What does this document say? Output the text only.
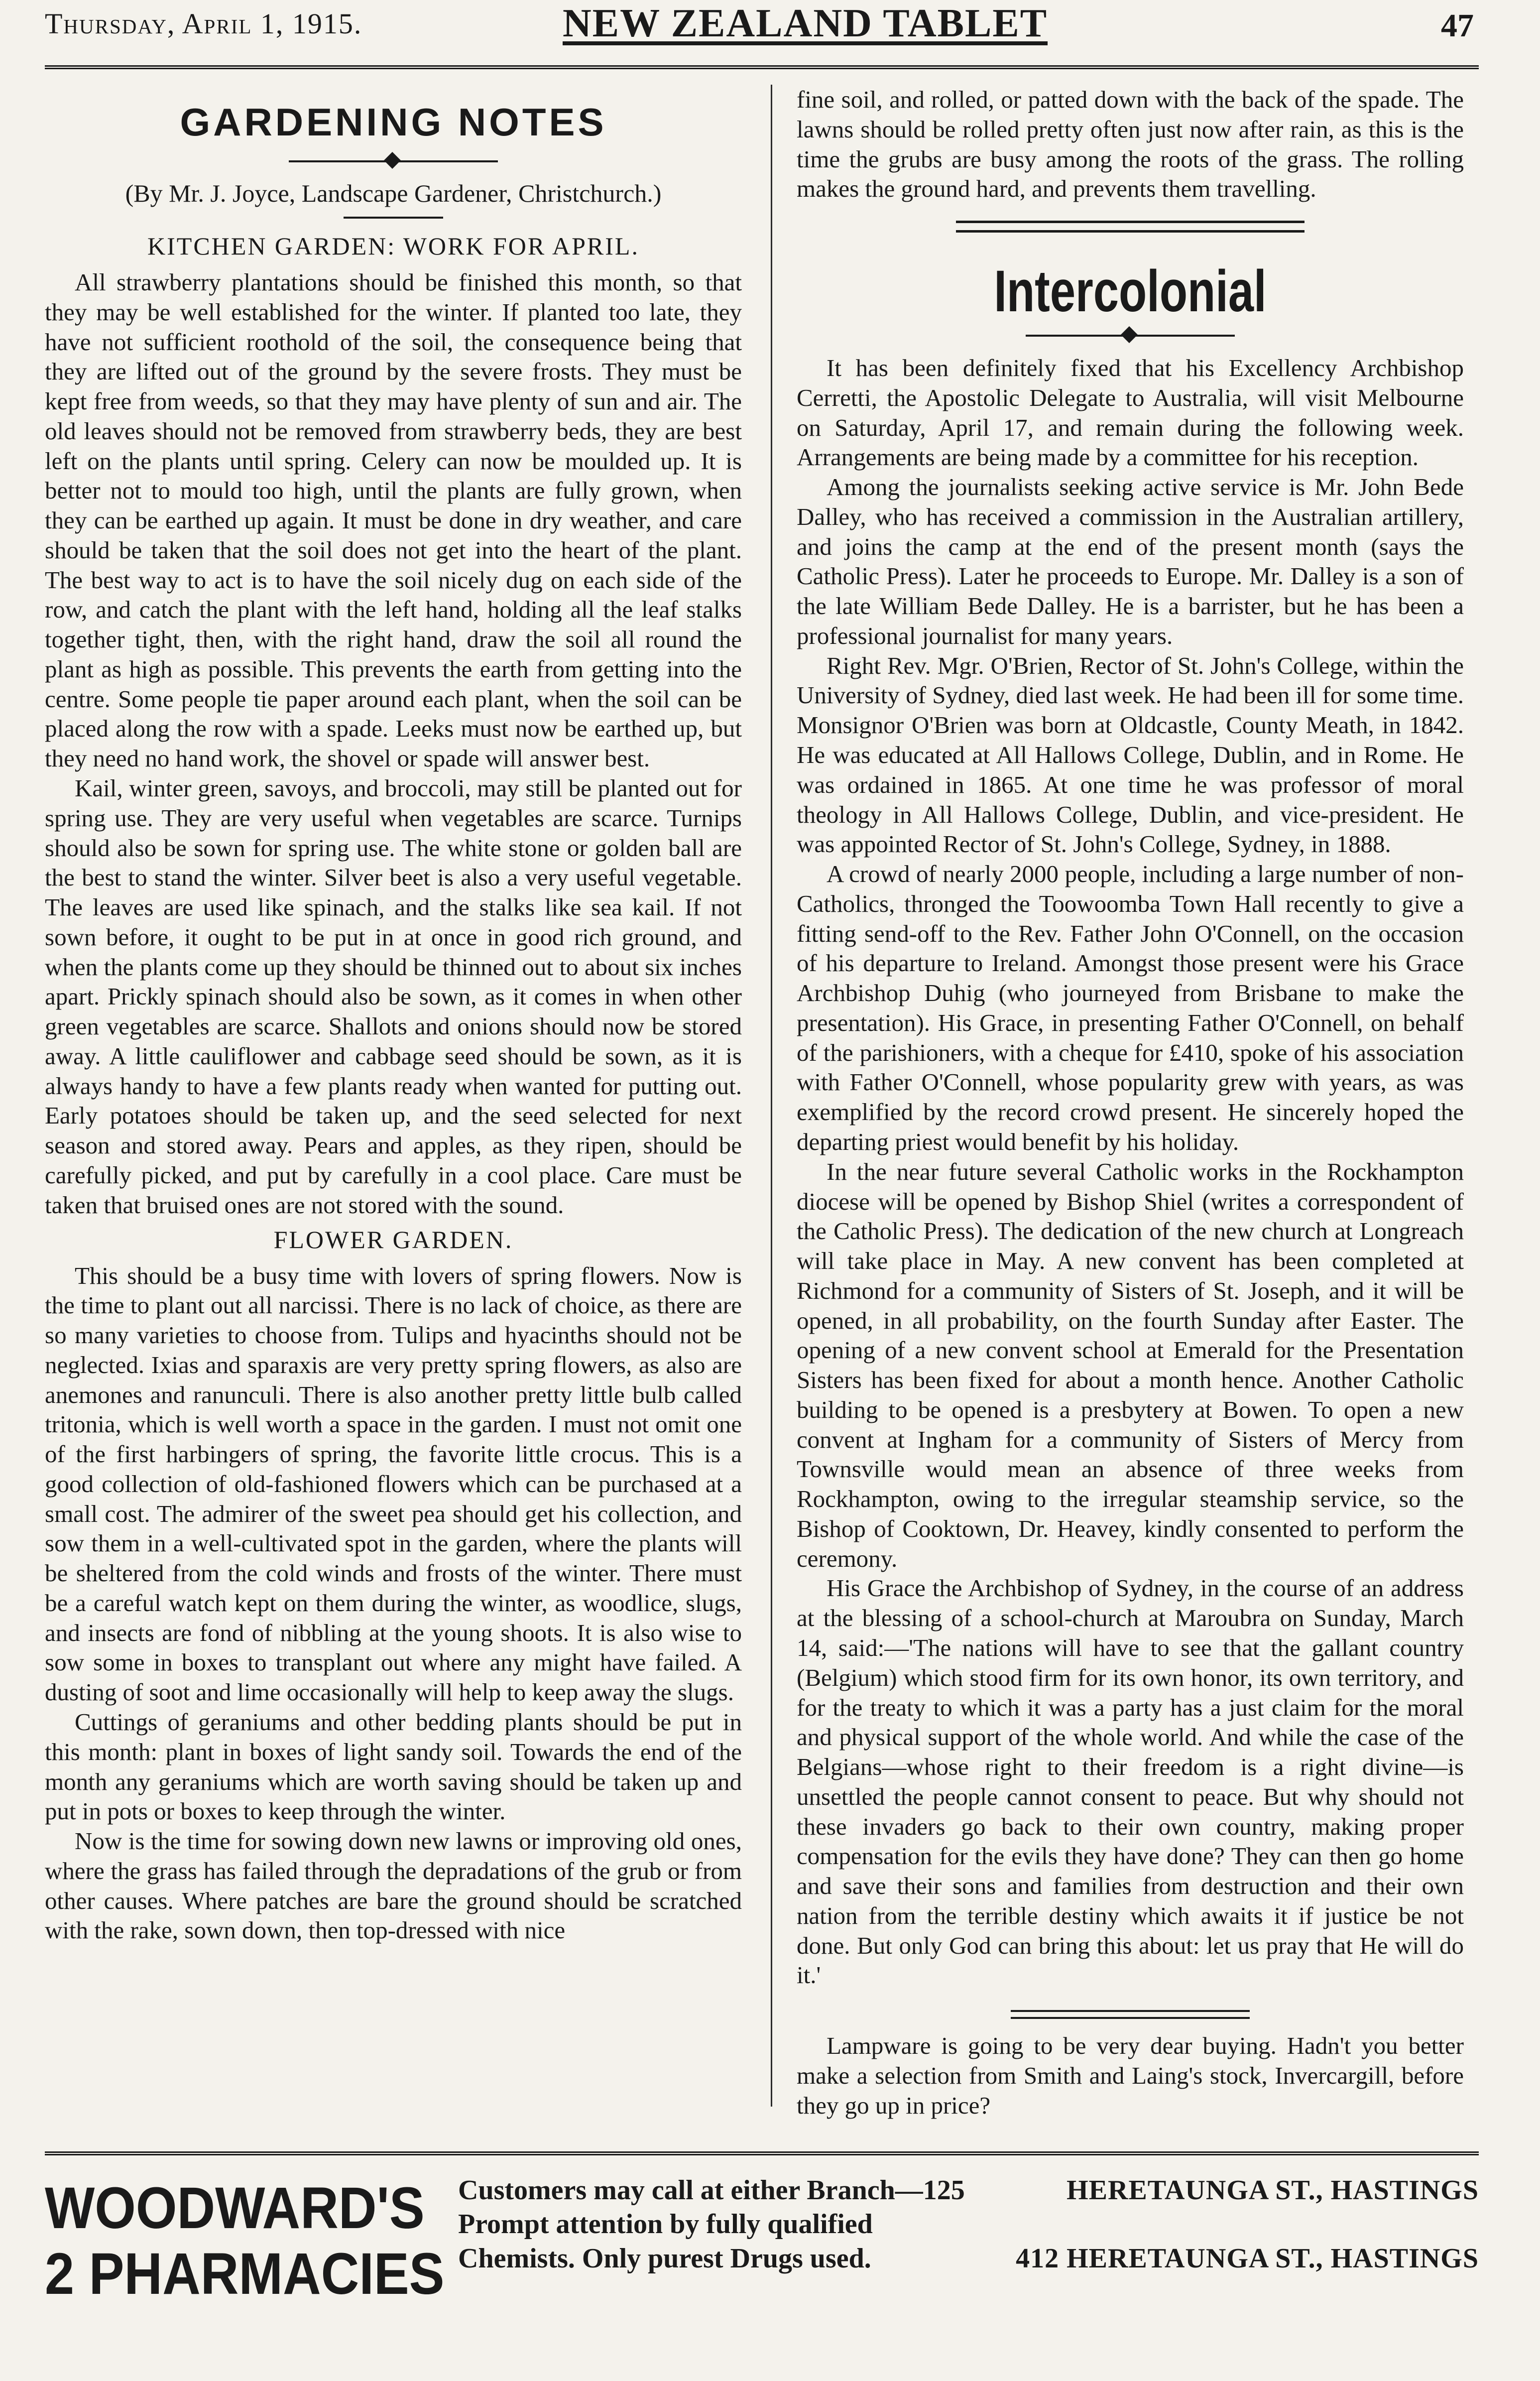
Thursday, April 1, 1915.	NEW ZEALAND TABLET	47
GARDENING NOTES
(By Mr. J. Joyce, Landscape Gardener, Christchurch.)
KITCHEN GARDEN: WORK FOR APRIL.

All strawberry plantations should be finished this month, so that they may be well established for the winter. If planted too late, they have not sufficient roothold of the soil, the consequence being that they are lifted out of the ground by the severe frosts. They must be kept free from weeds, so that they may have plenty of sun and air. The old leaves should not be removed from strawberry beds, they are best left on the plants until spring. Celery can now be moulded up. It is better not to mould too high, until the plants are fully grown, when they can be earthed up again. It must be done in dry weather, and care should be taken that the soil does not get into the heart of the plant. The best way to act is to have the soil nicely dug on each side of the row, and catch the plant with the left hand, holding all the leaf stalks together tight, then, with the right hand, draw the soil all round the plant as high as possible. This prevents the earth from getting into the centre. Some people tie paper around each plant, when the soil can be placed along the row with a spade. Leeks must now be earthed up, but they need no hand work, the shovel or spade will answer best.

Kail, winter green, savoys, and broccoli, may still be planted out for spring use. They are very useful when vegetables are scarce. Turnips should also be sown for spring use. The white stone or golden ball are the best to stand the winter. Silver beet is also a very useful vegetable. The leaves are used like spinach, and the stalks like sea kail. If not sown before, it ought to be put in at once in good rich ground, and when the plants come up they should be thinned out to about six inches apart. Prickly spinach should also be sown, as it comes in when other green vegetables are scarce. Shallots and onions should now be stored away. A little cauliflower and cabbage seed should be sown, as it is always handy to have a few plants ready when wanted for putting out. Early potatoes should be taken up, and the seed selected for next season and stored away. Pears and apples, as they ripen, should be carefully picked, and put by carefully in a cool place. Care must be taken that bruised ones are not stored with the sound.

FLOWER GARDEN.

This should be a busy time with lovers of spring flowers. Now is the time to plant out all narcissi. There is no lack of choice, as there are so many varieties to choose from. Tulips and hyacinths should not be neglected. Ixias and sparaxis are very pretty spring flowers, as also are anemones and ranunculi. There is also another pretty little bulb called tritonia, which is well worth a space in the garden. I must not omit one of the first harbingers of spring, the favorite little crocus. This is a good collection of old-fashioned flowers which can be purchased at a small cost. The admirer of the sweet pea should get his collection, and sow them in a well-cultivated spot in the garden, where the plants will be sheltered from the cold winds and frosts of the winter. There must be a careful watch kept on them during the winter, as woodlice, slugs, and insects are fond of nibbling at the young shoots. It is also wise to sow some in boxes to transplant out where any might have failed. A dusting of soot and lime occasionally will help to keep away the slugs.

Cuttings of geraniums and other bedding plants should be put in this month: plant in boxes of light sandy soil. Towards the end of the month any geraniums which are worth saving should be taken up and put in pots or boxes to keep through the winter.

Now is the time for sowing down new lawns or improving old ones, where the grass has failed through the depradations of the grub or from other causes. Where patches are bare the ground should be scratched with the rake, sown down, then top-dressed with nice

fine soil, and rolled, or patted down with the back of the spade. The lawns should be rolled pretty often just now after rain, as this is the time the grubs are busy among the roots of the grass. The rolling makes the ground hard, and prevents them travelling.

Intercolonial

It has been definitely fixed that his Excellency Archbishop Cerretti, the Apostolic Delegate to Australia, will visit Melbourne on Saturday, April 17, and remain during the following week. Arrangements are being made by a committee for his reception.

Among the journalists seeking active service is Mr. John Bede Dalley, who has received a commission in the Australian artillery, and joins the camp at the end of the present month (says the Catholic Press). Later he proceeds to Europe. Mr. Dalley is a son of the late William Bede Dalley. He is a barrister, but he has been a professional journalist for many years.

Right Rev. Mgr. O'Brien, Rector of St. John's College, within the University of Sydney, died last week. He had been ill for some time. Monsignor O'Brien was born at Oldcastle, County Meath, in 1842. He was educated at All Hallows College, Dublin, and in Rome. He was ordained in 1865. At one time he was professor of moral theology in All Hallows College, Dublin, and vice-president. He was appointed Rector of St. John's College, Sydney, in 1888.

A crowd of nearly 2000 people, including a large number of non-Catholics, thronged the Toowoomba Town Hall recently to give a fitting send-off to the Rev. Father John O'Connell, on the occasion of his departure to Ireland. Amongst those present were his Grace Archbishop Duhig (who journeyed from Brisbane to make the presentation). His Grace, in presenting Father O'Connell, on behalf of the parishioners, with a cheque for £410, spoke of his association with Father O'Connell, whose popularity grew with years, as was exemplified by the record crowd present. He sincerely hoped the departing priest would benefit by his holiday.

In the near future several Catholic works in the Rockhampton diocese will be opened by Bishop Shiel (writes a correspondent of the Catholic Press). The dedication of the new church at Longreach will take place in May. A new convent has been completed at Richmond for a community of Sisters of St. Joseph, and it will be opened, in all probability, on the fourth Sunday after Easter. The opening of a new convent school at Emerald for the Presentation Sisters has been fixed for about a month hence. Another Catholic building to be opened is a presbytery at Bowen. To open a new convent at Ingham for a community of Sisters of Mercy from Townsville would mean an absence of three weeks from Rockhampton, owing to the irregular steamship service, so the Bishop of Cooktown, Dr. Heavey, kindly consented to perform the ceremony.

His Grace the Archbishop of Sydney, in the course of an address at the blessing of a school-church at Maroubra on Sunday, March 14, said:—'The nations will have to see that the gallant country (Belgium) which stood firm for its own honor, its own territory, and for the treaty to which it was a party has a just claim for the moral and physical support of the whole world. And while the case of the Belgians—whose right to their freedom is a right divine—is unsettled the people cannot consent to peace. But why should not these invaders go back to their own country, making proper compensation for the evils they have done? They can then go home and save their sons and families from destruction and their own nation from the terrible destiny which awaits it if justice be not done. But only God can bring this about: let us pray that He will do it.'

Lampware is going to be very dear buying. Hadn't you better make a selection from Smith and Laing's stock, Invercargill, before they go up in price?

WOODWARD'S
2 PHARMACIES
Customers may call at either Branch—125	HERETAUNGA ST., HASTINGS
Prompt attention by fully qualified
Chemists. Only purest Drugs used.	412 HERETAUNGA ST., HASTINGS
